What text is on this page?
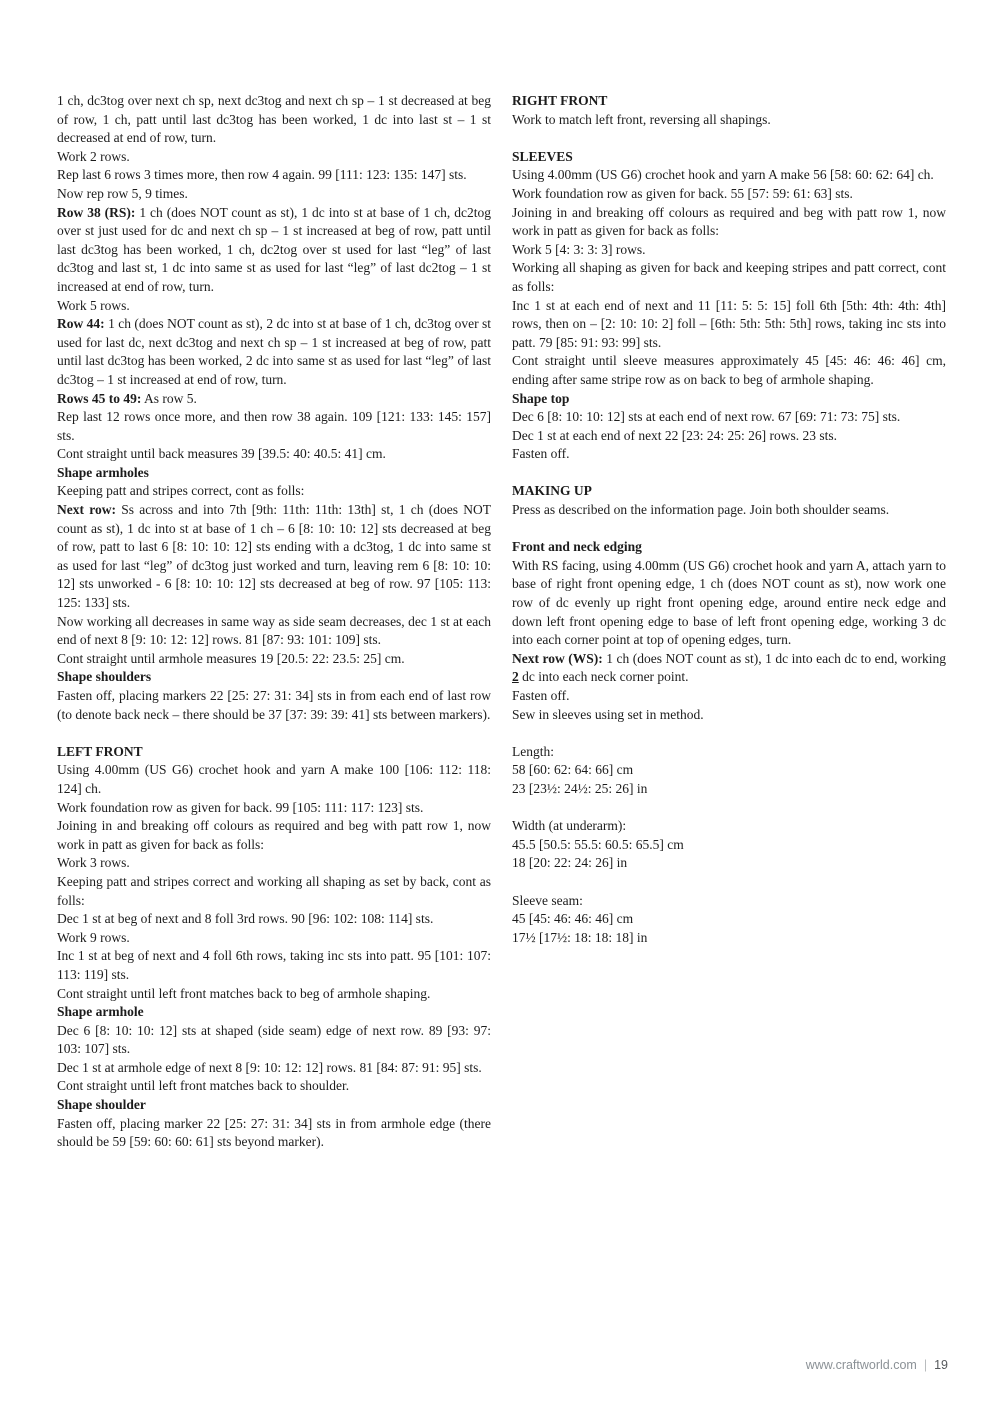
1 ch, dc3tog over next ch sp, next dc3tog and next ch sp – 1 st decreased at beg of row, 1 ch, patt until last dc3tog has been worked, 1 dc into last st – 1 st decreased at end of row, turn.

Work 2 rows.

Rep last 6 rows 3 times more, then row 4 again. 99 [111: 123: 135: 147] sts.

Now rep row 5, 9 times.

Row 38 (RS): 1 ch (does NOT count as st), 1 dc into st at base of 1 ch, dc2tog over st just used for dc and next ch sp – 1 st increased at beg of row, patt until last dc3tog has been worked, 1 ch, dc2tog over st used for last “leg” of last dc3tog and last st, 1 dc into same st as used for last “leg” of last dc2tog – 1 st increased at end of row, turn.

Work 5 rows.

Row 44: 1 ch (does NOT count as st), 2 dc into st at base of 1 ch, dc3tog over st used for last dc, next dc3tog and next ch sp – 1 st increased at beg of row, patt until last dc3tog has been worked, 2 dc into same st as used for last “leg” of last dc3tog – 1 st increased at end of row, turn.

Rows 45 to 49: As row 5.

Rep last 12 rows once more, and then row 38 again. 109 [121: 133: 145: 157] sts.

Cont straight until back measures 39 [39.5: 40: 40.5: 41] cm.

Shape armholes

Keeping patt and stripes correct, cont as folls:

Next row: Ss across and into 7th [9th: 11th: 11th: 13th] st, 1 ch (does NOT count as st), 1 dc into st at base of 1 ch – 6 [8: 10: 10: 12] sts decreased at beg of row, patt to last 6 [8: 10: 10: 12] sts ending with a dc3tog, 1 dc into same st as used for last “leg” of dc3tog just worked and turn, leaving rem 6 [8: 10: 10: 12] sts unworked - 6 [8: 10: 10: 12] sts decreased at beg of row. 97 [105: 113: 125: 133] sts.

Now working all decreases in same way as side seam decreases, dec 1 st at each end of next 8 [9: 10: 12: 12] rows. 81 [87: 93: 101: 109] sts.

Cont straight until armhole measures 19 [20.5: 22: 23.5: 25] cm.

Shape shoulders

Fasten off, placing markers 22 [25: 27: 31: 34] sts in from each end of last row (to denote back neck – there should be 37 [37: 39: 39: 41] sts between markers).

LEFT FRONT

Using 4.00mm (US G6) crochet hook and yarn A make 100 [106: 112: 118: 124] ch.

Work foundation row as given for back. 99 [105: 111: 117: 123] sts.

Joining in and breaking off colours as required and beg with patt row 1, now work in patt as given for back as folls:

Work 3 rows.

Keeping patt and stripes correct and working all shaping as set by back, cont as folls:

Dec 1 st at beg of next and 8 foll 3rd rows. 90 [96: 102: 108: 114] sts.

Work 9 rows.

Inc 1 st at beg of next and 4 foll 6th rows, taking inc sts into patt. 95 [101: 107: 113: 119] sts.

Cont straight until left front matches back to beg of armhole shaping.

Shape armhole

Dec 6 [8: 10: 10: 12] sts at shaped (side seam) edge of next row. 89 [93: 97: 103: 107] sts.

Dec 1 st at armhole edge of next 8 [9: 10: 12: 12] rows. 81 [84: 87: 91: 95] sts.

Cont straight until left front matches back to shoulder.

Shape shoulder

Fasten off, placing marker 22 [25: 27: 31: 34] sts in from armhole edge (there should be 59 [59: 60: 60: 61] sts beyond marker).

RIGHT FRONT

Work to match left front, reversing all shapings.

SLEEVES

Using 4.00mm (US G6) crochet hook and yarn A make 56 [58: 60: 62: 64] ch.

Work foundation row as given for back. 55 [57: 59: 61: 63] sts.

Joining in and breaking off colours as required and beg with patt row 1, now work in patt as given for back as folls:

Work 5 [4: 3: 3: 3] rows.

Working all shaping as given for back and keeping stripes and patt correct, cont as folls:

Inc 1 st at each end of next and 11 [11: 5: 5: 15] foll 6th [5th: 4th: 4th: 4th] rows, then on – [2: 10: 10: 2] foll – [6th: 5th: 5th: 5th] rows, taking inc sts into patt. 79 [85: 91: 93: 99] sts.

Cont straight until sleeve measures approximately 45 [45: 46: 46: 46] cm, ending after same stripe row as on back to beg of armhole shaping.

Shape top

Dec 6 [8: 10: 10: 12] sts at each end of next row. 67 [69: 71: 73: 75] sts.

Dec 1 st at each end of next 22 [23: 24: 25: 26] rows. 23 sts.

Fasten off.

MAKING UP

Press as described on the information page. Join both shoulder seams.

Front and neck edging

With RS facing, using 4.00mm (US G6) crochet hook and yarn A, attach yarn to base of right front opening edge, 1 ch (does NOT count as st), now work one row of dc evenly up right front opening edge, around entire neck edge and down left front opening edge to base of left front opening edge, working 3 dc into each corner point at top of opening edges, turn.

Next row (WS): 1 ch (does NOT count as st), 1 dc into each dc to end, working 2 dc into each neck corner point.

Fasten off.

Sew in sleeves using set in method.

Length:

58 [60: 62: 64: 66] cm

23 [23½: 24½: 25: 26] in

Width (at underarm):

45.5 [50.5: 55.5: 60.5: 65.5] cm

18 [20: 22: 24: 26] in

Sleeve seam:

45 [45: 46: 46: 46] cm

17½ [17½: 18: 18: 18] in

www.craftworld.com | 19
